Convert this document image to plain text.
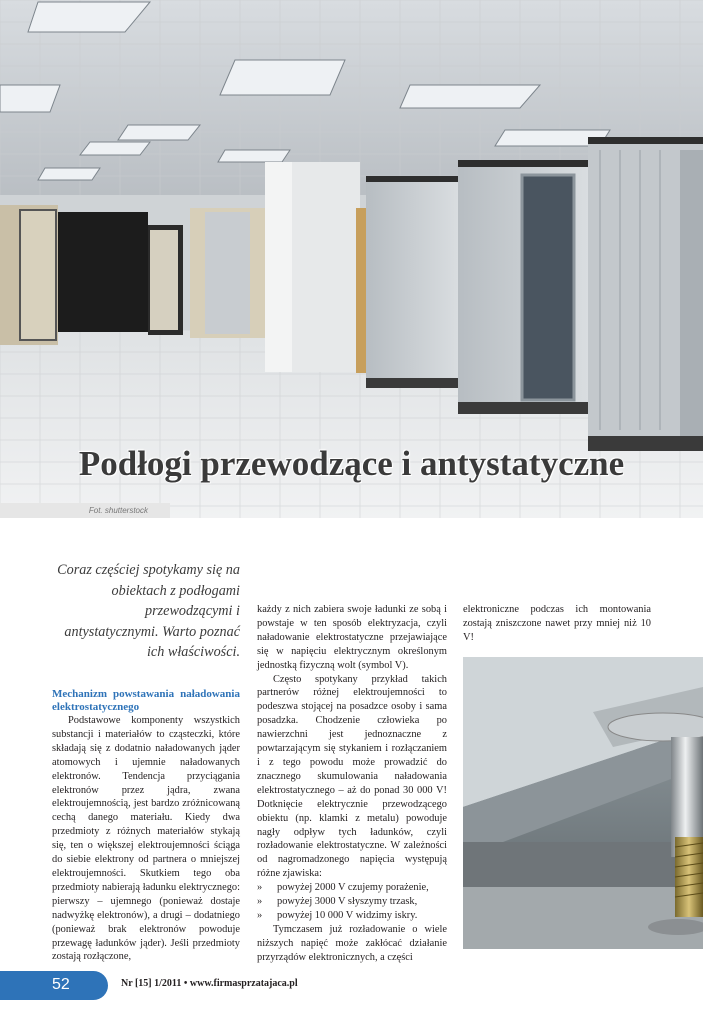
Podłogi przewodzące i antystatyczne
Fot. shutterstock

Coraz częściej spotykamy się na obiektach z podłogami przewodzącymi i antystatycznymi. Warto poznać ich właściwości.

Mechanizm powstawania naładowania elektrostatycznego

Podstawowe komponenty wszystkich substancji i materiałów to cząsteczki, które składają się z dodatnio naładowanych jąder atomowych i ujemnie naładowanych elektronów. Tendencja przyciągania elektronów przez jądra, zwana elektroujemnością, jest bardzo zróżnicowaną cechą danego materiału. Kiedy dwa przedmioty z różnych materiałów stykają się, ten o większej elektroujemności ściąga do siebie elektrony od partnera o mniejszej elektroujemności. Skutkiem tego oba przedmioty nabierają ładunku elektrycznego: pierwszy – ujemnego (ponieważ dostaje nadwyżkę elektronów), a drugi – dodatniego (ponieważ brak elektronów powoduje przewagę ładunków jąder). Jeśli przedmioty zostają rozłączone,

każdy z nich zabiera swoje ładunki ze sobą i powstaje w ten sposób elektryzacja, czyli naładowanie elektrostatyczne przejawiające się w napięciu elektrycznym określonym jednostką fizyczną wolt (symbol V).

Często spotykany przykład takich partnerów różnej elektroujemności to podeszwa stojącej na posadzce osoby i sama posadzka. Chodzenie człowieka po nawierzchni jest jednoznaczne z powtarzającym się stykaniem i rozłączaniem i z tego powodu może prowadzić do znacznego skumulowania naładowania elektrostatycznego – aż do ponad 30 000 V! Dotknięcie elektrycznie przewodzącego obiektu (np. klamki z metalu) powoduje nagły odpływ tych ładunków, czyli rozładowanie elektrostatyczne. W zależności od nagromadzonego napięcia występują różne zjawiska:

»	powyżej 2000 V czujemy porażenie,
»	powyżej 3000 V słyszymy trzask,
»	powyżej 10 000 V widzimy iskry.

Tymczasem już rozładowanie o wiele niższych napięć może zakłócać działanie przyrządów elektronicznych, a części

elektroniczne podczas ich montowania zostają zniszczone nawet przy mniej niż 10 V!

52	Nr [15] 1/2011 • www.firmasprzatajaca.pl
